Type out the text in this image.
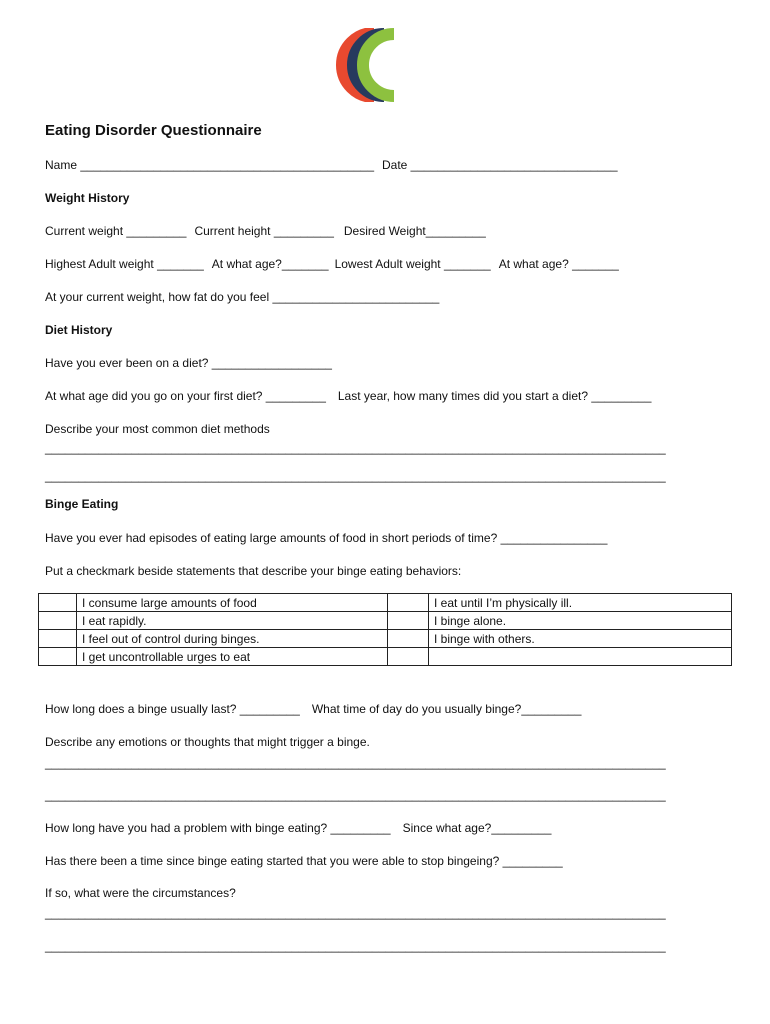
Eating Disorder Questionnaire
Name ____________________________________________ Date _______________________________
Weight History
Current weight _________ Current height _________ Desired Weight_________
Highest Adult weight _______ At what age?_______ Lowest Adult weight _______ At what age? _______
At your current weight, how fat do you feel _________________________
Diet History
Have you ever been on a diet? __________________
At what age did you go on your first diet? _________ Last year, how many times did you start a diet? _________
Describe your most common diet methods
_____________________________________________________________________________________________
_____________________________________________________________________________________________
Binge Eating
Have you ever had episodes of eating large amounts of food in short periods of time? ________________
Put a checkmark beside statements that describe your binge eating behaviors:
	I consume large amounts of food		I eat until I’m physically ill.
	I eat rapidly.		I binge alone.
	I feel out of control during binges.		I binge with others.
	I get uncontrollable urges to eat		
How long does a binge usually last? _________ What time of day do you usually binge?_________
Describe any emotions or thoughts that might trigger a binge.
_____________________________________________________________________________________________
_____________________________________________________________________________________________
How long have you had a problem with binge eating? _________ Since what age?_________
Has there been a time since binge eating started that you were able to stop bingeing? _________
If so, what were the circumstances?
_____________________________________________________________________________________________
_____________________________________________________________________________________________
